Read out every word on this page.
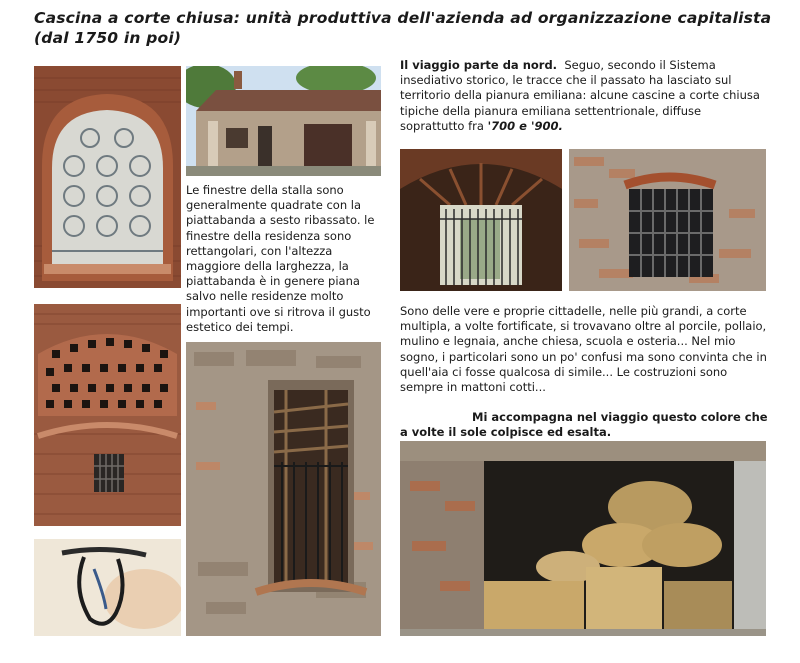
Cascina a corte chiusa: unità produttiva dell'azienda ad organizzazione capitalista (dal 1750 in poi)
Le finestre della stalla sono generalmente quadrate con la piattabanda a sesto ribassato. le finestre della residenza sono rettangolari, con l'altezza maggiore della larghezza, la piattabanda è in genere piana salvo nelle residenze molto importanti ove si ritrova il gusto estetico dei tempi.
Il viaggio parte da nord. Seguo, secondo il Sistema insediativo storico, le tracce che il passato ha lasciato sul territorio della pianura emiliana: alcune cascine a corte chiusa tipiche della pianura emiliana settentrionale, diffuse soprattutto fra '700 e '900.
Sono delle vere e proprie cittadelle, nelle più grandi, a corte multipla, a volte fortificate, si trovavano oltre al porcile, pollaio, mulino e legnaia, anche chiesa, scuola e osteria... Nel mio sogno, i particolari sono un po' confusi ma sono convinta che in quell'aia ci fosse qualcosa di simile... Le costruzioni sono sempre in mattoni cotti...
Mi accompagna nel viaggio questo colore che a volte il sole colpisce ed esalta.
